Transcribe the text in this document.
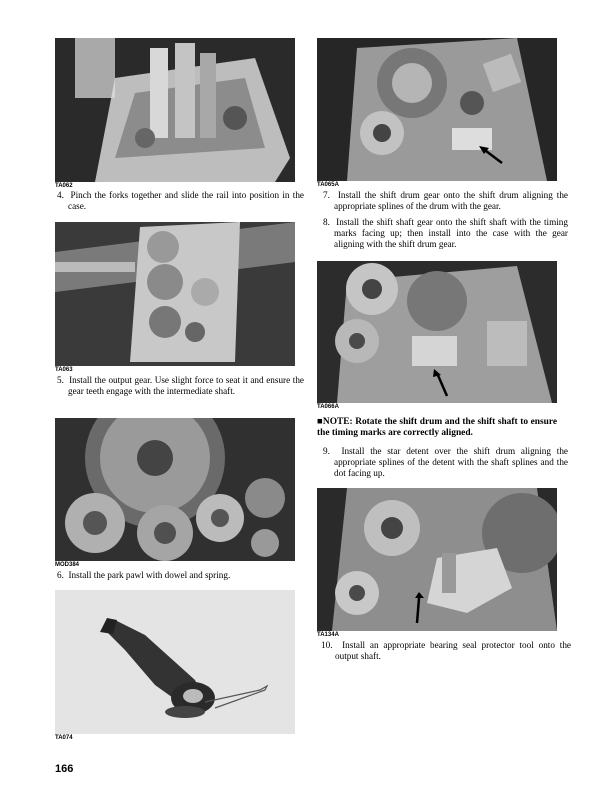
TA062
4. Pinch the forks together and slide the rail into position in the case.
TA063
5. Install the output gear. Use slight force to seat it and ensure the gear teeth engage with the intermediate shaft.
MOD384
6. Install the park pawl with dowel and spring.
TA074
166
TA065A
7. Install the shift drum gear onto the shift drum aligning the appropriate splines of the drum with the gear.
8. Install the shift shaft gear onto the shift shaft with the timing marks facing up; then install into the case with the gear aligning with the shift drum gear.
TA066A
■NOTE: Rotate the shift drum and the shift shaft to ensure the timing marks are correctly aligned.
9. Install the star detent over the shift drum aligning the appropriate splines of the detent with the shaft splines and the dot facing up.
TA134A
10. Install an appropriate bearing seal protector tool onto the output shaft.
